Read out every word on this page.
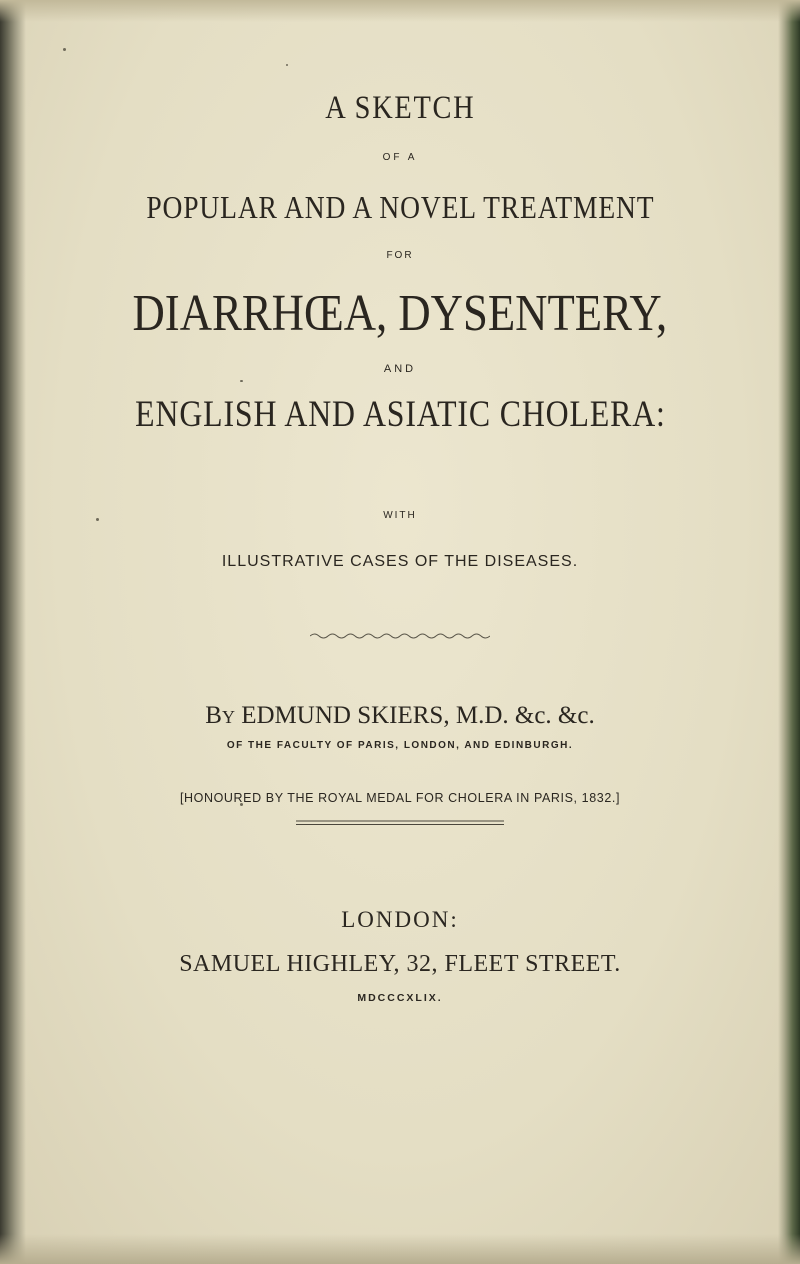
A SKETCH
OF A
POPULAR AND A NOVEL TREATMENT
FOR
DIARRHŒA, DYSENTERY,
AND
ENGLISH AND ASIATIC CHOLERA:
WITH
ILLUSTRATIVE CASES OF THE DISEASES.
BY EDMUND SKIERS, M.D. &c. &c.
OF THE FACULTY OF PARIS, LONDON, AND EDINBURGH.
[HONOURED BY THE ROYAL MEDAL FOR CHOLERA IN PARIS, 1832.]
LONDON:
SAMUEL HIGHLEY, 32, FLEET STREET.
MDCCCXLIX.
